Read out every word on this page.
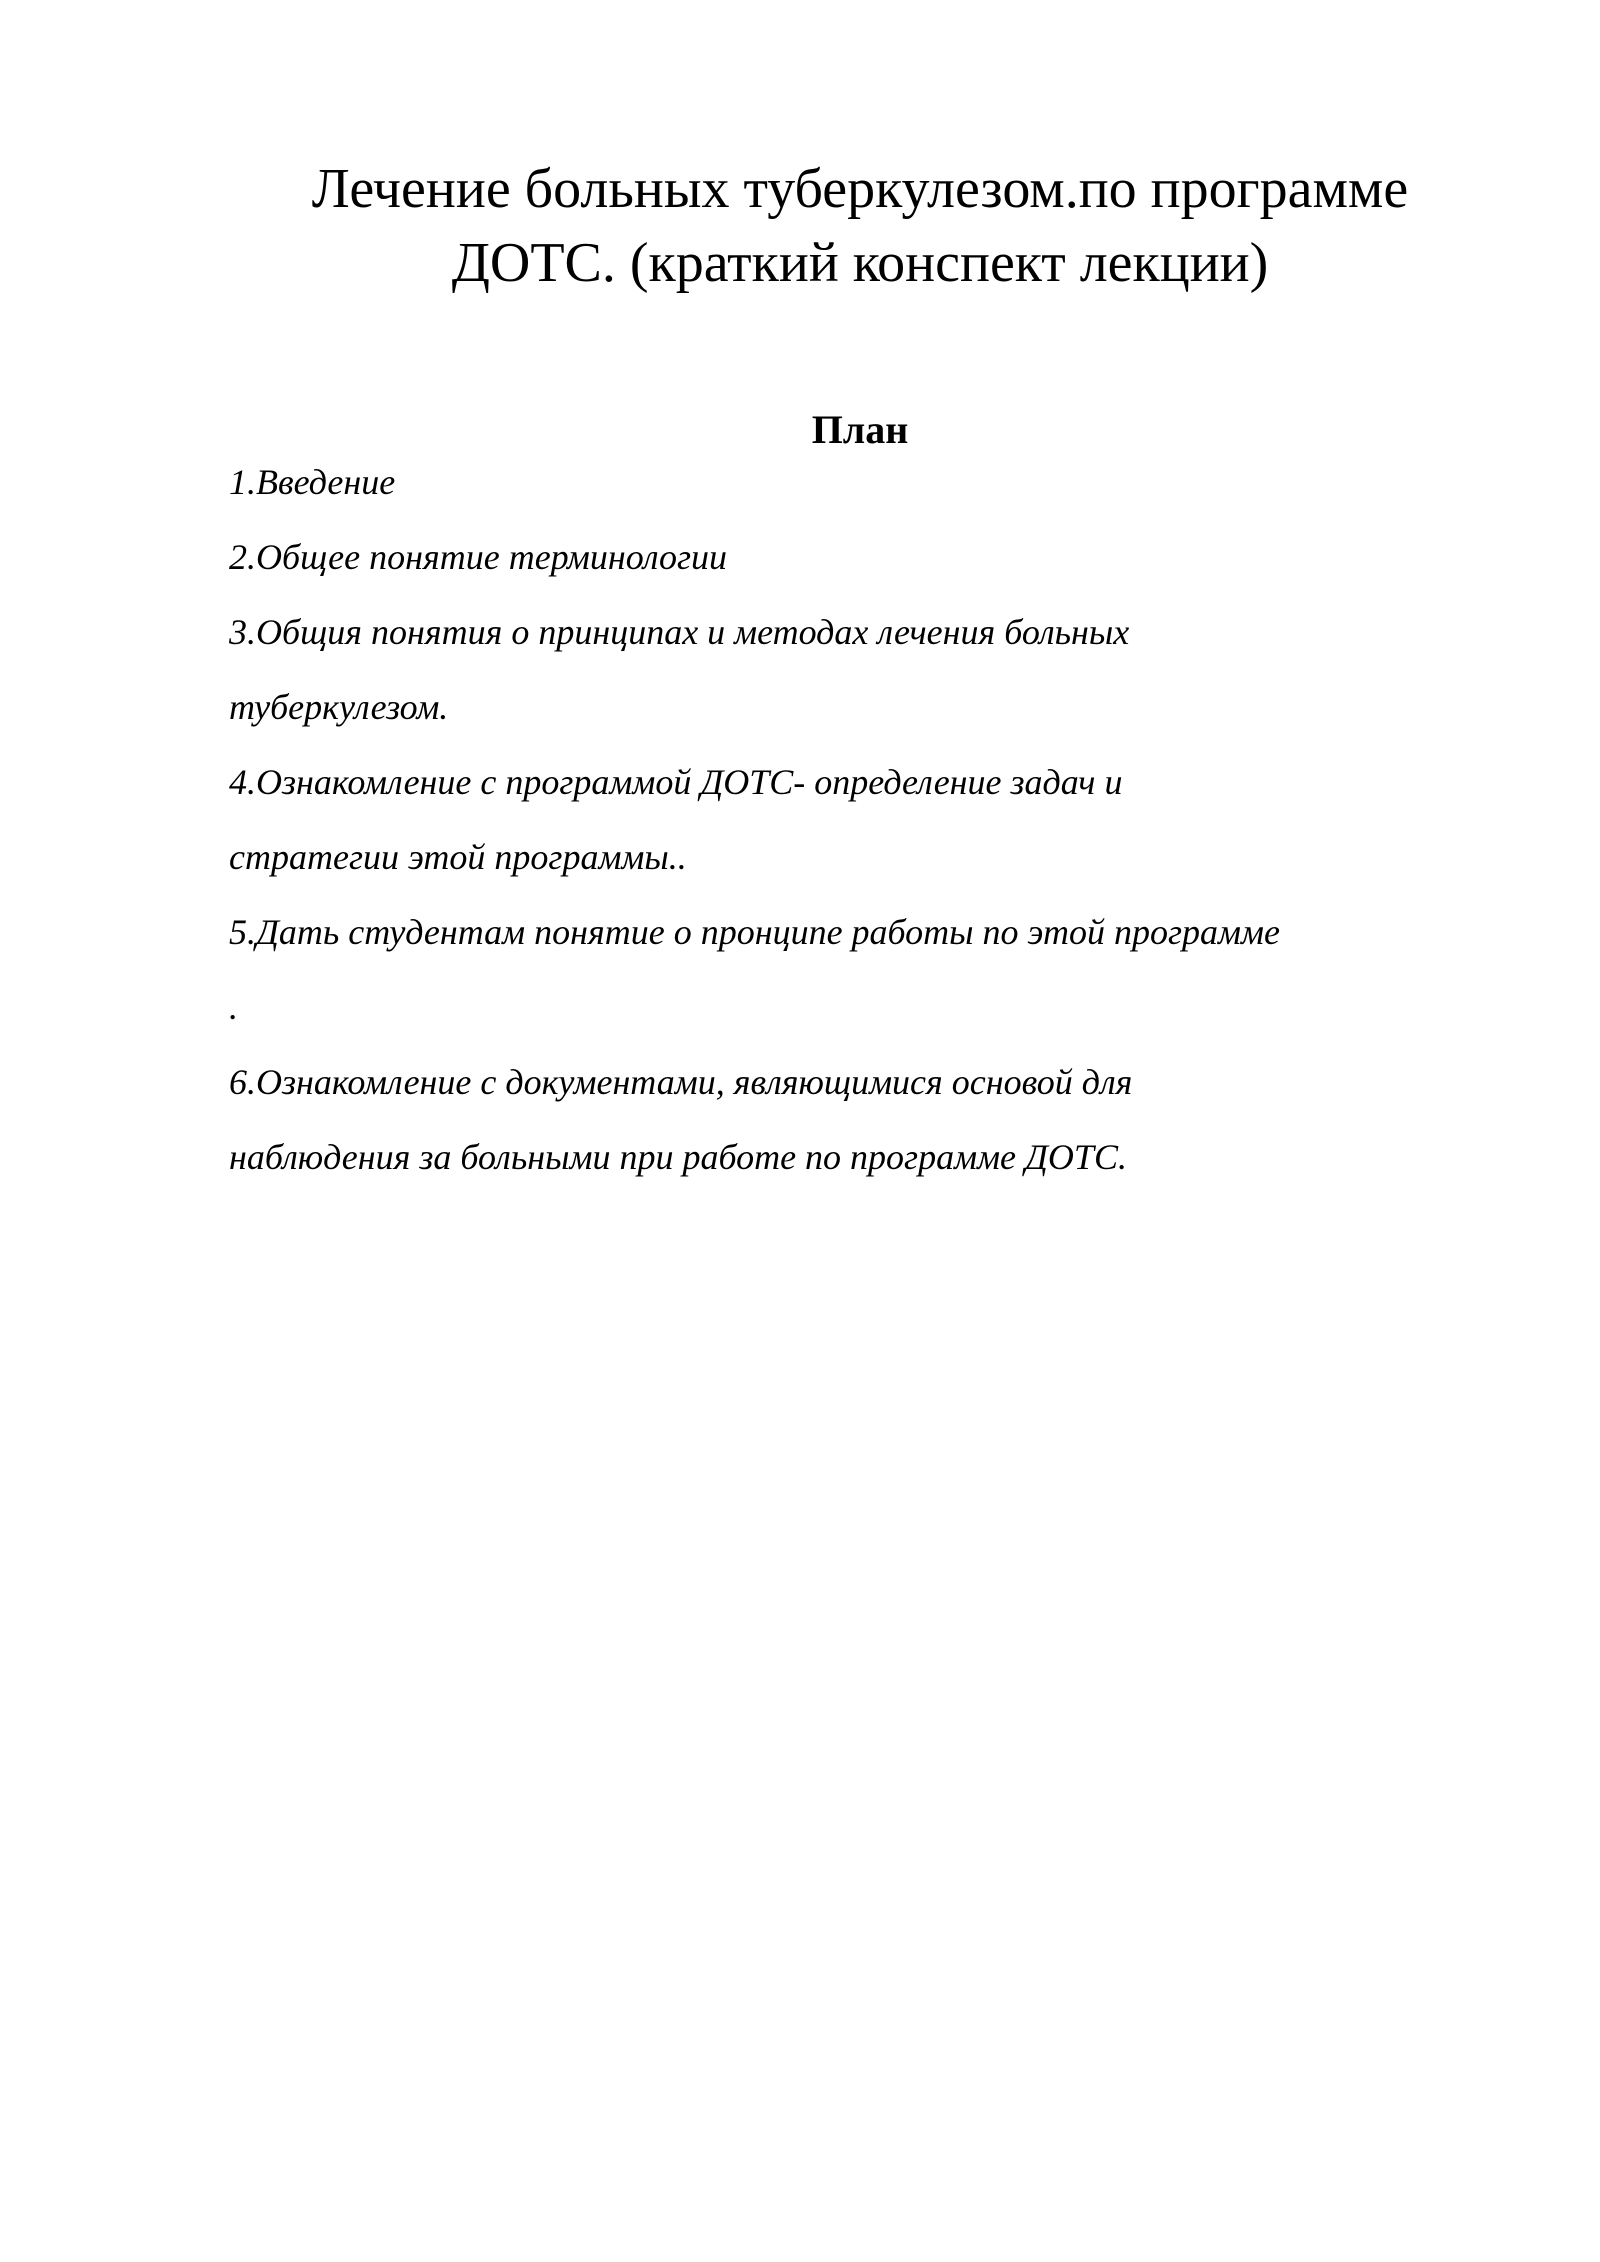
Лечение больных туберкулезом.по программе
ДОТС. (краткий конспект лекции)
План
1.Введение
2.Общее понятие терминологии
3.Общия понятия о принципах и методах лечения больных
туберкулезом.
4.Ознакомление с программой ДОТС- определение задач и
стратегии этой программы..
5.Дать студентам понятие о пронципе работы по этой программе
.
6.Ознакомление с документами, являющимися основой для
наблюдения за больными при работе по программе ДОТС.
